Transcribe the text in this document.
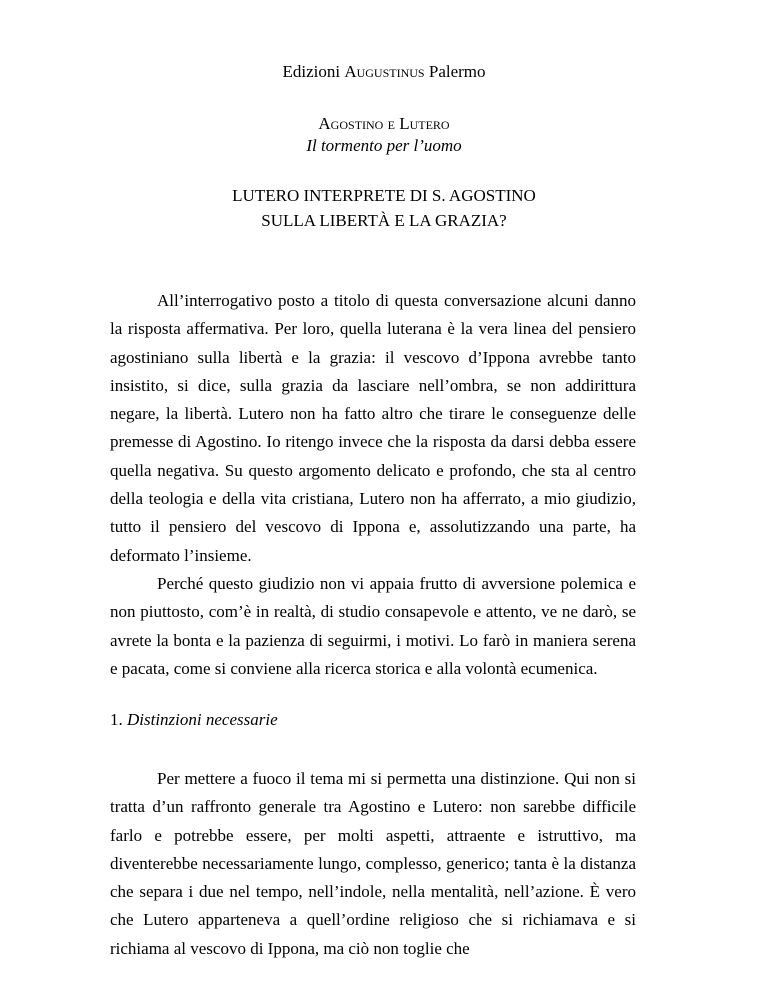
Edizioni Augustinus Palermo
Agostino e Lutero
Il tormento per l’uomo
LUTERO INTERPRETE DI S. AGOSTINO
SULLA LIBERTÀ E LA GRAZIA?

All’interrogativo posto a titolo di questa conversazione alcuni danno la risposta affermativa. Per loro, quella luterana è la vera linea del pensiero agostiniano sulla libertà e la grazia: il vescovo d’Ippona avrebbe tanto insistito, si dice, sulla grazia da lasciare nell’ombra, se non addirittura negare, la libertà. Lutero non ha fatto altro che tirare le conseguenze delle premesse di Agostino. Io ritengo invece che la risposta da darsi debba essere quella negativa. Su questo argomento delicato e profondo, che sta al centro della teologia e della vita cristiana, Lutero non ha afferrato, a mio giudizio, tutto il pensiero del vescovo di Ippona e, assolutizzando una parte, ha deformato l’insieme.

Perché questo giudizio non vi appaia frutto di avversione polemica e non piuttosto, com’è in realtà, di studio consapevole e attento, ve ne darò, se avrete la bonta e la pazienza di seguirmi, i motivi. Lo farò in maniera serena e pacata, come si conviene alla ricerca storica e alla volontà ecumenica.

1. Distinzioni necessarie

Per mettere a fuoco il tema mi si permetta una distinzione. Qui non si tratta d’un raffronto generale tra Agostino e Lutero: non sarebbe difficile farlo e potrebbe essere, per molti aspetti, attraente e istruttivo, ma diventerebbe necessariamente lungo, complesso, generico; tanta è la distanza che separa i due nel tempo, nell’indole, nella mentalità, nell’azione. È vero che Lutero apparteneva a quell’ordine religioso che si richiamava e si richiama al vescovo di Ippona, ma ciò non toglie che
